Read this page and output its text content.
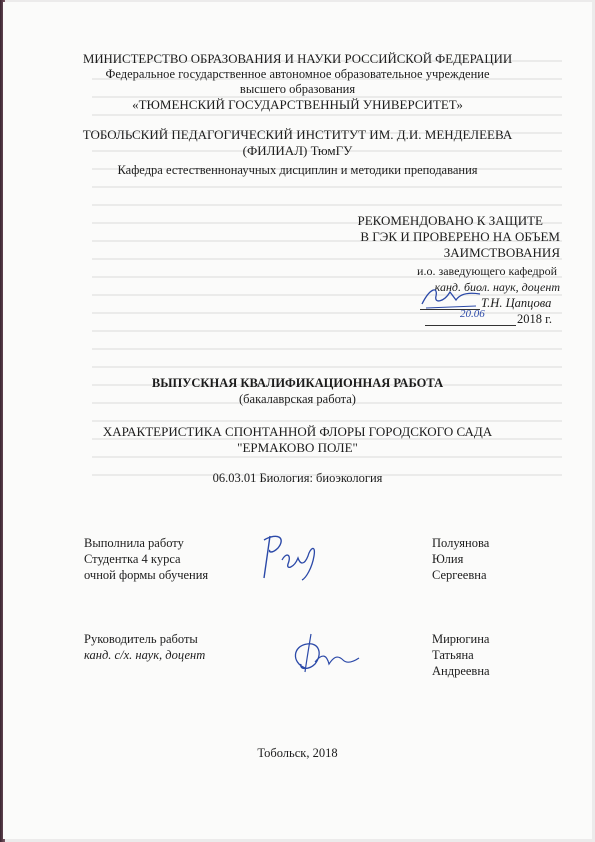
МИНИСТЕРСТВО ОБРАЗОВАНИЯ И НАУКИ РОССИЙСКОЙ ФЕДЕРАЦИИ
Федеральное государственное автономное образовательное учреждение
высшего образования
«ТЮМЕНСКИЙ ГОСУДАРСТВЕННЫЙ УНИВЕРСИТЕТ»
ТОБОЛЬСКИЙ ПЕДАГОГИЧЕСКИЙ ИНСТИТУТ ИМ. Д.И. МЕНДЕЛЕЕВА
(ФИЛИАЛ) ТюмГУ
Кафедра естественнонаучных дисциплин и методики преподавания
РЕКОМЕНДОВАНО К ЗАЩИТЕ
В ГЭК И ПРОВЕРЕНО НА ОБЪЕМ
ЗАИМСТВОВАНИЯ
и.о. заведующего кафедрой
канд. биол. наук, доцент
Т.Н. Цапцова
20.06	2018 г.
ВЫПУСКНАЯ КВАЛИФИКАЦИОННАЯ РАБОТА
(бакалаврская работа)
ХАРАКТЕРИСТИКА СПОНТАННОЙ ФЛОРЫ ГОРОДСКОГО САДА
"ЕРМАКОВО ПОЛЕ"
06.03.01 Биология: биоэкология
Выполнила работу
Студентка 4 курса
очной формы обучения
Полуянова
Юлия
Сергеевна
Руководитель работы
канд. с/х. наук, доцент
Мирюгина
Татьяна
Андреевна
Тобольск, 2018
